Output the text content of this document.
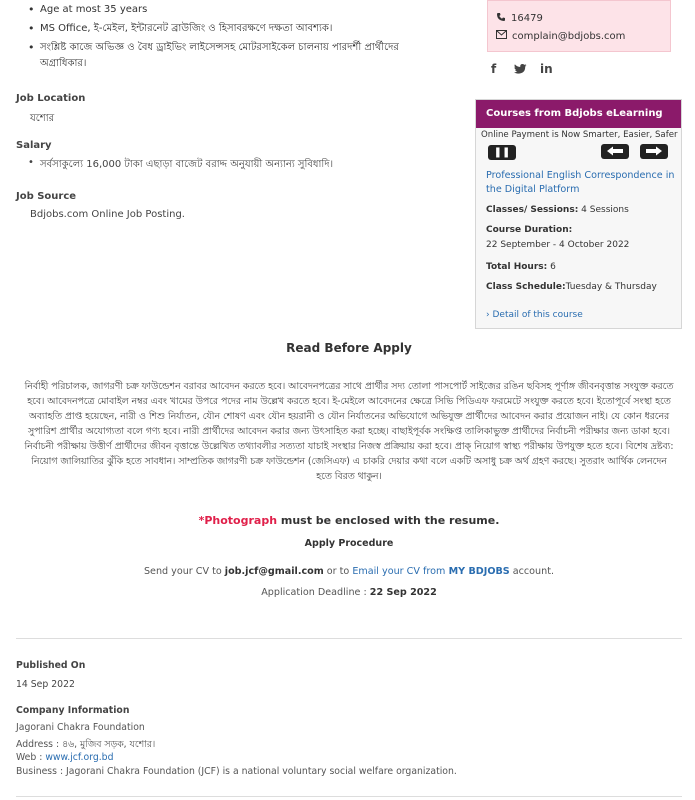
• Age at most 35 years
• MS Office, ই-মেইল, ইন্টারনেট ব্রাউজিং ও হিসাবরক্ষণে দক্ষতা আবশ্যক।
• সংশ্লিষ্ট কাজে অভিজ্ঞ ও বৈধ ড্রাইভিং লাইসেন্সসহ মোটরসাইকেল চালনায় পারদর্শী প্রার্থীদের অগ্রাধিকার।
Job Location
যশোর
Salary
• সর্বসাকুল্যে 16,000 টাকা এছাড়া বাজেট বরাদ্দ অনুযায়ী অন্যান্য সুবিধাদি।
Job Source
Bdjobs.com Online Job Posting.
16479
complain@bdjobs.com
f	in
Courses from Bdjobs eLearning
Online Payment is Now Smarter, Easier, Safer
❚❚
Professional English Correspondence in the Digital Platform
Classes/ Sessions: 4 Sessions
Course Duration:
22 September - 4 October 2022
Total Hours: 6
Class Schedule:Tuesday & Thursday
› Detail of this course
Read Before Apply
নির্বাহী পরিচালক, জাগরণী চক্র ফাউন্ডেশন বরাবর আবেদন করতে হবে। আবেদনপত্রের সাথে প্রার্থীর সদ্য তোলা পাসপোর্ট সাইজের রঙিন ছবিসহ পূর্ণাঙ্গ জীবনবৃত্তান্ত সংযুক্ত করতে হবে। আবেদনপত্রে মোবাইল নম্বর এবং খামের উপরে পদের নাম উল্লেখ করতে হবে। ই-মেইলে আবেদনের ক্ষেত্রে সিভি পিডিএফ ফরমেটে সংযুক্ত করতে হবে। ইতোপূর্বে সংস্থা হতে অব্যাহতি প্রাপ্ত হয়েছেন, নারী ও শিশু নির্যাতন, যৌন শোষণ এবং যৌন হয়রানী ও যৌন নির্যাতনের অভিযোগে অভিযুক্ত প্রার্থীদের আবেদন করার প্রয়োজন নাই। যে কোন ধরনের সুপারিশ প্রার্থীর অযোগ্যতা বলে গণ্য হবে। নারী প্রার্থীদের আবেদন করার জন্য উৎসাহিত করা হচ্ছে। বাছাইপূর্বক সংক্ষিপ্ত তালিকাভুক্ত প্রার্থীদের নির্বাচনী পরীক্ষার জন্য ডাকা হবে। নির্বাচনী পরীক্ষায় উত্তীর্ণ প্রার্থীদের জীবন বৃত্তান্তে উল্লেখিত তথ্যাবলীর সত্যতা যাচাই সংস্থার নিজস্ব প্রক্রিয়ায় করা হবে। প্রাক্ নিয়োগ স্বাস্থ্য পরীক্ষায় উপযুক্ত হতে হবে। বিশেষ দ্রষ্টব্য: নিয়োগ জালিয়াতির ঝুঁকি হতে সাবধান। সাম্প্রতিক জাগরণী চক্র ফাউন্ডেশন (জেসিএফ) এ চাকরি দেয়ার কথা বলে একটি অসাধু চক্র অর্থ গ্রহণ করছে। সুতরাং আর্থিক লেনদেন হতে বিরত থাকুন।
*Photograph must be enclosed with the resume.
Apply Procedure
Send your CV to job.jcf@gmail.com or to Email your CV from MY BDJOBS account.
Application Deadline : 22 Sep 2022
Published On
14 Sep 2022
Company Information
Jagorani Chakra Foundation
Address : ৪৬, মুজিব সড়ক, যশোর।
Web : www.jcf.org.bd
Business : Jagorani Chakra Foundation (JCF) is a national voluntary social welfare organization.
